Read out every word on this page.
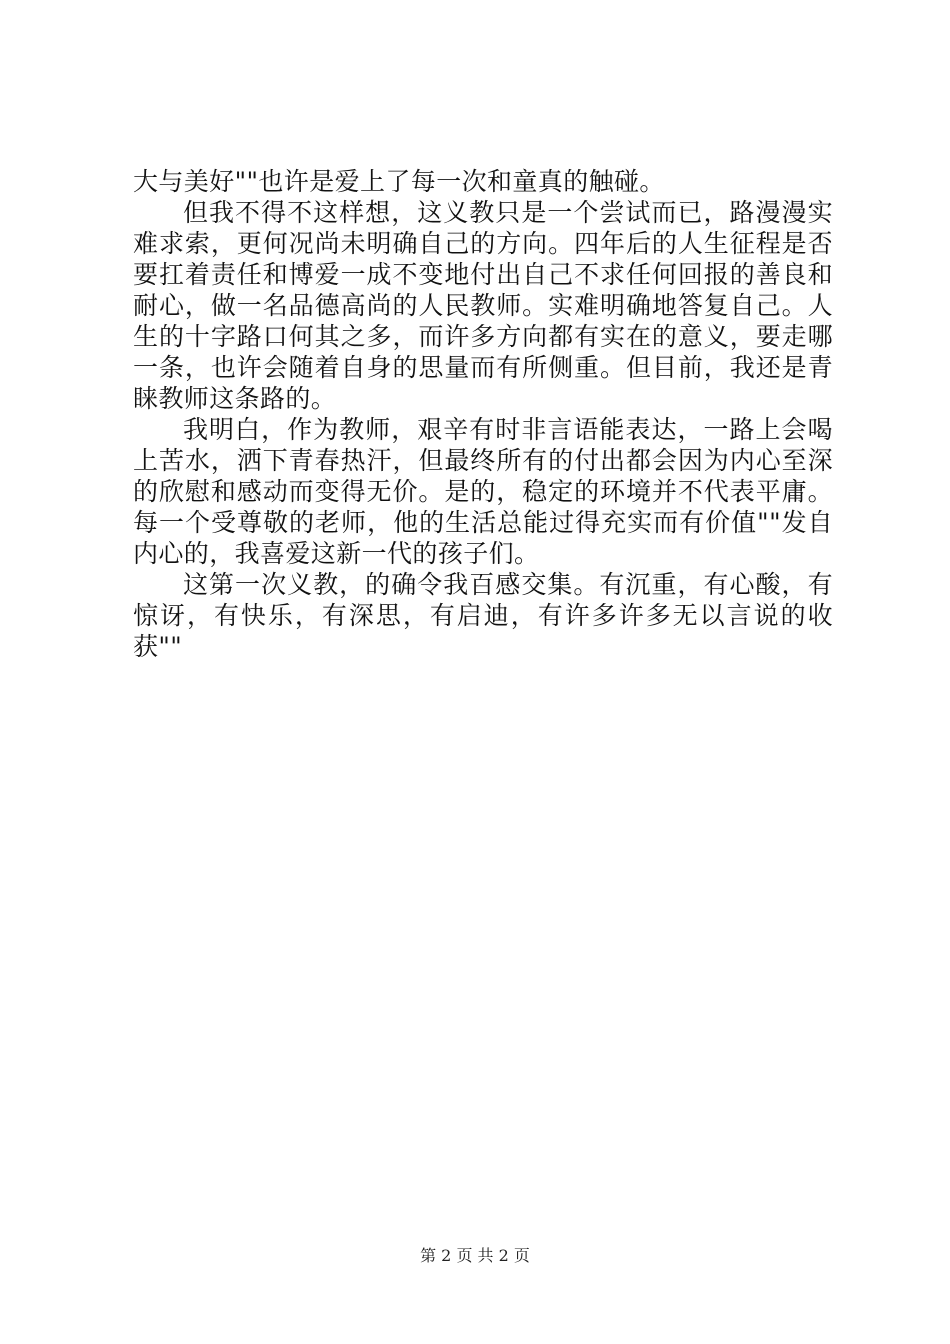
大与美好""也许是爱上了每一次和童真的触碰。

但我不得不这样想，这义教只是一个尝试而已，路漫漫实难求索，更何况尚未明确自己的方向。四年后的人生征程是否要扛着责任和博爱一成不变地付出自己不求任何回报的善良和耐心，做一名品德高尚的人民教师。实难明确地答复自己。人生的十字路口何其之多，而许多方向都有实在的意义，要走哪一条，也许会随着自身的思量而有所侧重。但目前，我还是青睐教师这条路的。

我明白，作为教师，艰辛有时非言语能表达，一路上会喝上苦水，洒下青春热汗，但最终所有的付出都会因为内心至深的欣慰和感动而变得无价。是的，稳定的环境并不代表平庸。每一个受尊敬的老师，他的生活总能过得充实而有价值""发自内心的，我喜爱这新一代的孩子们。

这第一次义教，的确令我百感交集。有沉重，有心酸，有惊讶，有快乐，有深思，有启迪，有许多许多无以言说的收获""

第 2 页 共 2 页
